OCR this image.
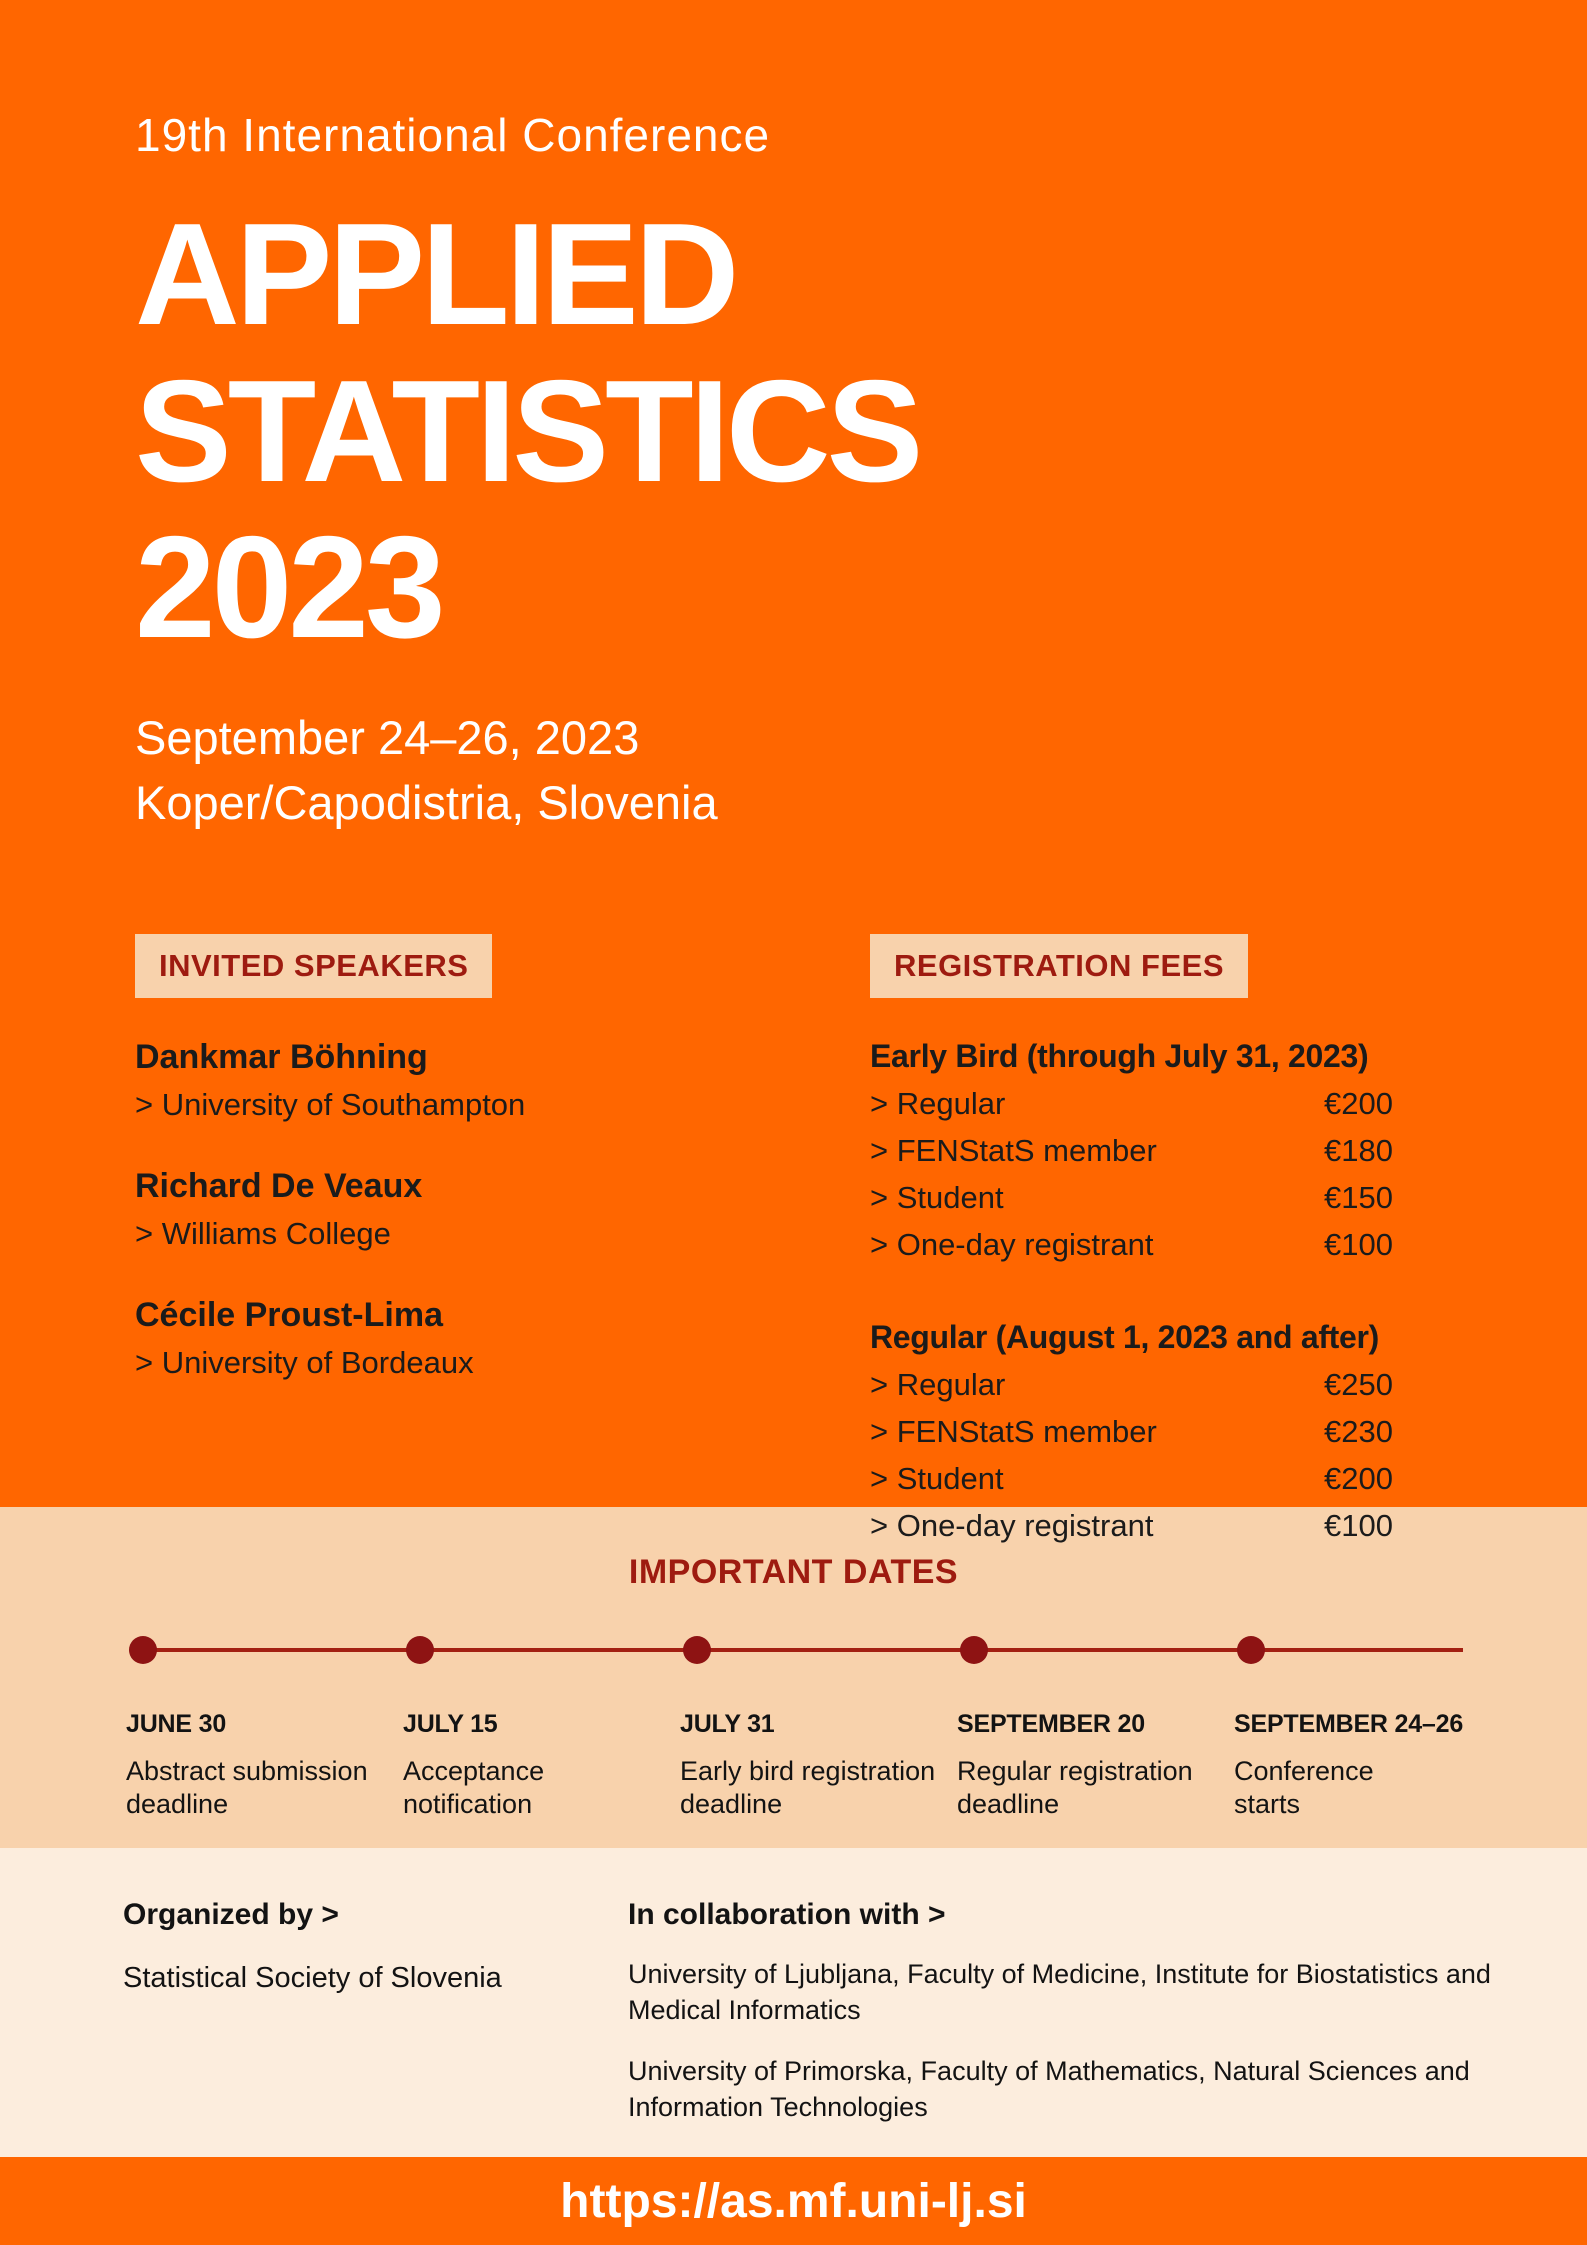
19th International Conference
APPLIED
STATISTICS
2023
September 24–26, 2023
Koper/Capodistria, Slovenia
INVITED SPEAKERS
Dankmar Böhning
> University of Southampton
Richard De Veaux
> Williams College
Cécile Proust-Lima
> University of Bordeaux
REGISTRATION FEES
Early Bird (through July 31, 2023)
> Regular	€200
> FENStatS member	€180
> Student	€150
> One-day registrant	€100
Regular (August 1, 2023 and after)
> Regular	€250
> FENStatS member	€230
> Student	€200
> One-day registrant	€100
IMPORTANT DATES
JUNE 30
Abstract submission
deadline
JULY 15
Acceptance
notification
JULY 31
Early bird registration
deadline
SEPTEMBER 20
Regular registration
deadline
SEPTEMBER 24–26
Conference
starts
Organized by >
Statistical Society of Slovenia
In collaboration with >
University of Ljubljana, Faculty of Medicine, Institute for Biostatistics and
Medical Informatics
University of Primorska, Faculty of Mathematics, Natural Sciences and
Information Technologies
https://as.mf.uni-lj.si
